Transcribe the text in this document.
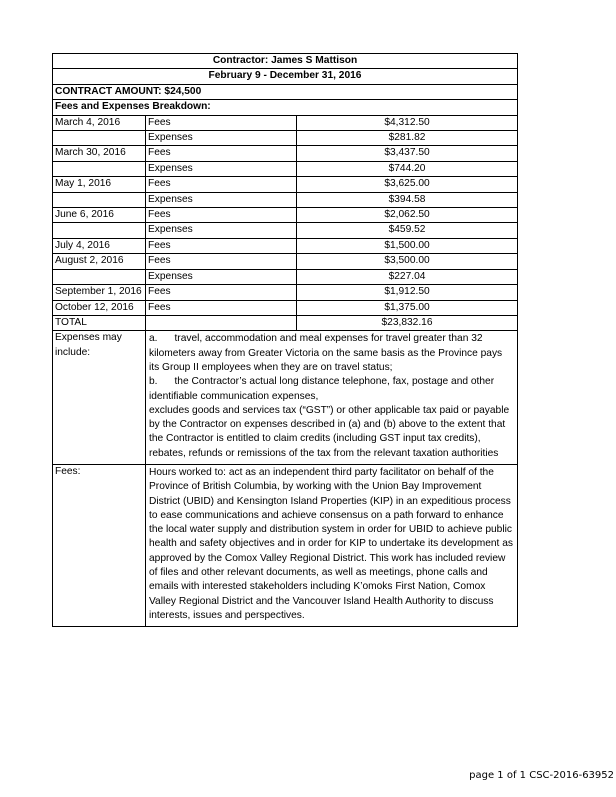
Contractor: James S Mattison		
February 9 - December 31, 2016		
CONTRACT AMOUNT: $24,500		
Fees and Expenses Breakdown:		
March 4, 2016	Fees	$4,312.50
	Expenses	$281.82
March 30, 2016	Fees	$3,437.50
	Expenses	$744.20
May 1, 2016	Fees	$3,625.00
	Expenses	$394.58
June 6, 2016	Fees	$2,062.50
	Expenses	$459.52
July 4, 2016	Fees	$1,500.00
August 2, 2016	Fees	$3,500.00
	Expenses	$227.04
September 1, 2016	Fees	$1,912.50
October 12, 2016	Fees	$1,375.00
TOTAL		$23,832.16
Expenses may include:	a.      travel, accommodation and meal expenses for travel greater than 32 kilometers away from Greater Victoria on the same basis as the Province pays its Group II employees when they are on travel status;

b.      the Contractor’s actual long distance telephone, fax, postage and other identifiable communication expenses,

excludes goods and services tax (“GST”) or other applicable tax paid or payable by the Contractor on expenses described in (a) and (b) above to the extent that the Contractor is entitled to claim credits (including GST input tax credits), rebates, refunds or remissions of the tax from the relevant taxation authorities	

Fees:	Hours worked to: act as an independent third party facilitator on behalf of the Province of British Columbia, by working with the Union Bay Improvement District (UBID) and Kensington Island Properties (KIP) in an expeditious process to ease communications and achieve consensus on a path forward to enhance the local water supply and distribution system in order for UBID to achieve public health and safety objectives and in order for KIP to undertake its development as approved by the Comox Valley Regional District. This work has included review of files and other relevant documents, as well as meetings, phone calls and emails with interested stakeholders including K’omoks First Nation, Comox Valley Regional District and the Vancouver Island Health Authority to discuss interests, issues and perspectives.	

page 1 of 1 CSC-2016-63952
